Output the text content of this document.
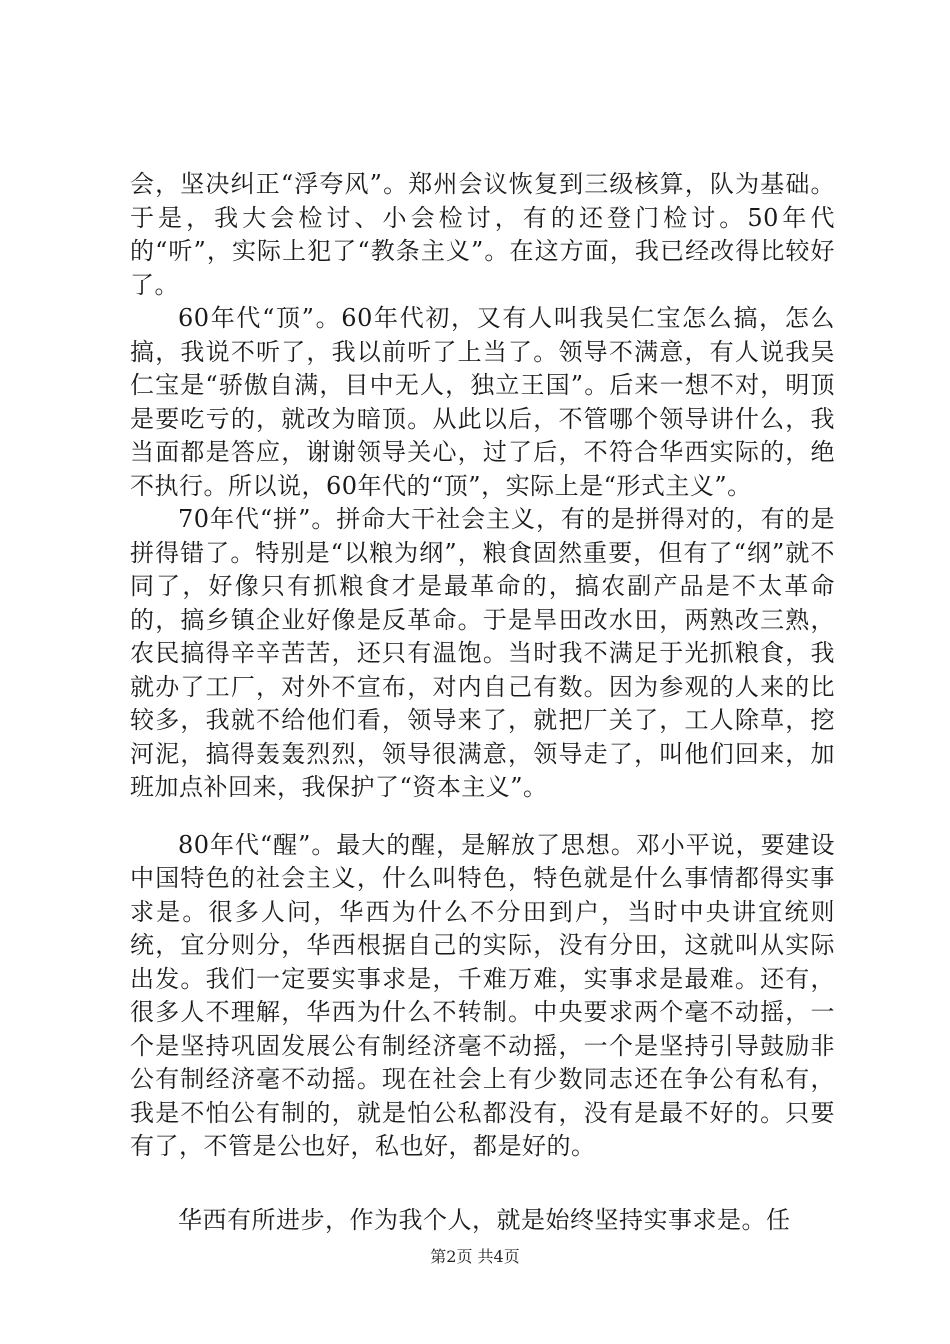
会，坚决纠正“浮夸风”。郑州会议恢复到三级核算，队为基础。于是，我大会检讨、小会检讨，有的还登门检讨。50年代的“听”，实际上犯了“教条主义”。在这方面，我已经改得比较好了。

60年代“顶”。60年代初，又有人叫我吴仁宝怎么搞，怎么搞，我说不听了，我以前听了上当了。领导不满意，有人说我吴仁宝是“骄傲自满，目中无人，独立王国”。后来一想不对，明顶是要吃亏的，就改为暗顶。从此以后，不管哪个领导讲什么，我当面都是答应，谢谢领导关心，过了后，不符合华西实际的，绝不执行。所以说，60年代的“顶”，实际上是“形式主义”。

70年代“拼”。拼命大干社会主义，有的是拼得对的，有的是拼得错了。特别是“以粮为纲”，粮食固然重要，但有了“纲”就不同了，好像只有抓粮食才是最革命的，搞农副产品是不太革命的，搞乡镇企业好像是反革命。于是旱田改水田，两熟改三熟，农民搞得辛辛苦苦，还只有温饱。当时我不满足于光抓粮食，我就办了工厂，对外不宣布，对内自己有数。因为参观的人来的比较多，我就不给他们看，领导来了，就把厂关了，工人除草，挖河泥，搞得轰轰烈烈，领导很满意，领导走了，叫他们回来，加班加点补回来，我保护了“资本主义”。

80年代“醒”。最大的醒，是解放了思想。邓小平说，要建设中国特色的社会主义，什么叫特色，特色就是什么事情都得实事求是。很多人问，华西为什么不分田到户，当时中央讲宜统则统，宜分则分，华西根据自己的实际，没有分田，这就叫从实际出发。我们一定要实事求是，千难万难，实事求是最难。还有，很多人不理解，华西为什么不转制。中央要求两个毫不动摇，一个是坚持巩固发展公有制经济毫不动摇，一个是坚持引导鼓励非公有制经济毫不动摇。现在社会上有少数同志还在争公有私有，我是不怕公有制的，就是怕公私都没有，没有是最不好的。只要有了，不管是公也好，私也好，都是好的。

华西有所进步，作为我个人，就是始终坚持实事求是。任

第2页 共4页
